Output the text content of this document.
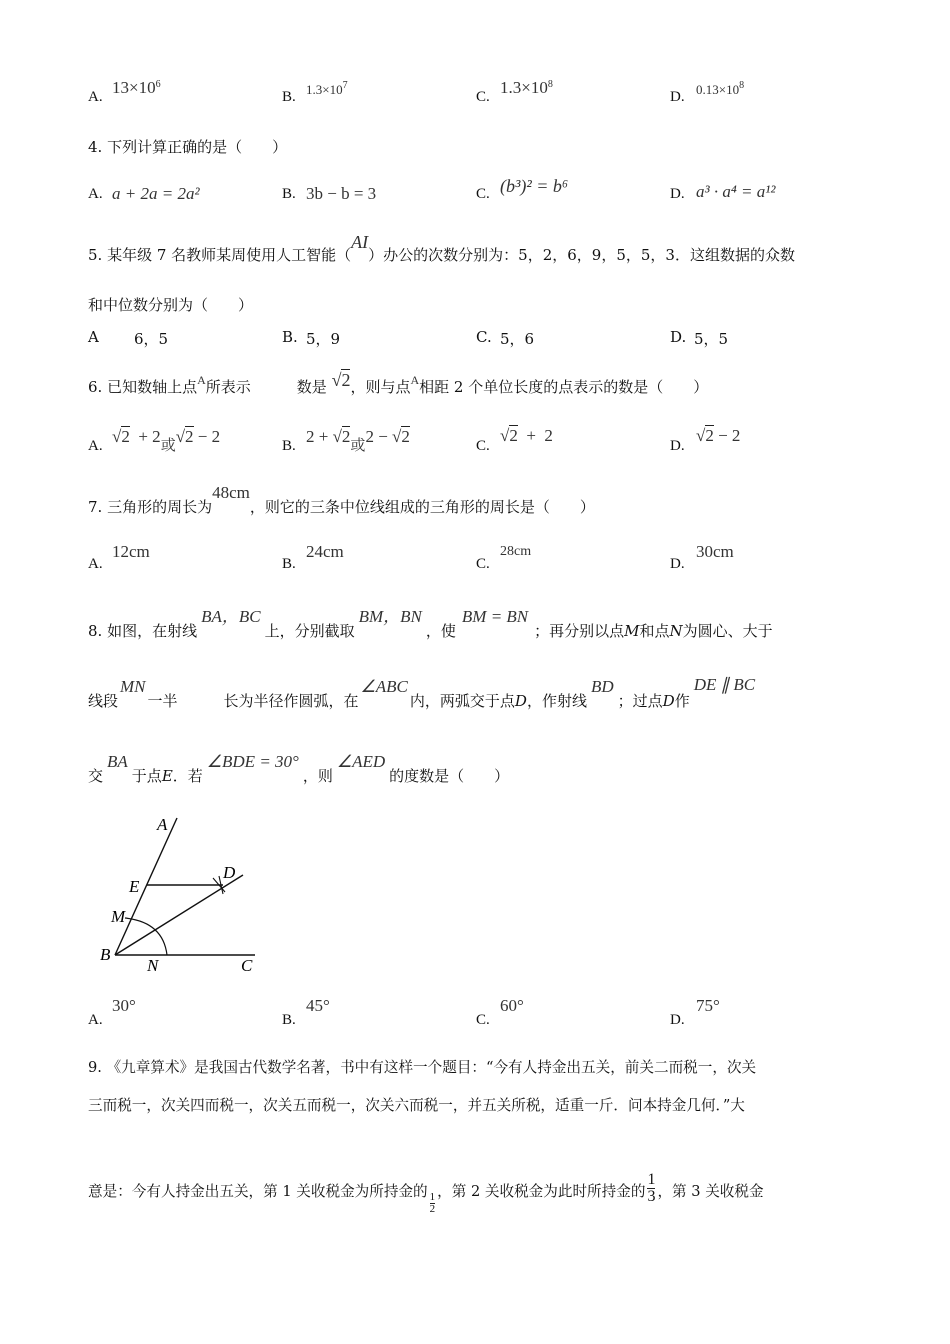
A. $13\times 10^6$
B. $1.3\times 10^7$
C. $1.3\times 10^8$
D. $0.13\times 10^8$
4. 下列计算正确的是（　　）
A. a + 2a = 2a²	B. 3b − b = 3	C. (b³)² = b⁶	D. a³ · a⁴ = a¹²
5. 某年级 7 名教师某周使用人工智能（AI）办公的次数分别为：5，2，6，9，5，5，3．这组数据的众数
和中位数分别为（　　）
A 6，5	B. 5，9	C. 5，6	D. 5，5
6. 已知数轴上点$^A$所表示	数是 √2，则与点$^A$相距 2 个单位长度的点表示的数是（　　）
A. √2  + 2或√2 − 2	B. 2 + √2或2 − √2	C.
√2  +  2
D.
√2 − 2
7. 三角形的周长为48cm，则它的三条中位线组成的三角形的周长是（　　）
A.
12cm
B.
24cm
C.
28cm
D.
30cm
8. 如图，在射线BA，BC上，分别截取BM，BN，使BM = BN；再分别以点M和点N为圆心、大于
线段MN一半	长为半径作圆弧，在∠ABC内，两弧交于点D，作射线BD；过点D作DE ∥ BC
交BA于点E．若∠BDE = 30°，则∠AED的度数是（　　）
A
E
M
B
N	C
D
A.
30°
B.
45°
C.
60°
D.
75°
9. 《九章算术》是我国古代数学名著，书中有这样一个题目：“今有人持金出五关，前关二而税一，次关
三而税一，次关四而税一，次关五而税一，次关六而税一，并五关所税，适重一斤．问本持金几何．”大
意是：今有人持金出五关，第 1 关收税金为所持金的
$\frac{1}{2}$
，第 2 关收税金为此时所持金的 $\frac{1}{3}$ ，第 3 关收税金
